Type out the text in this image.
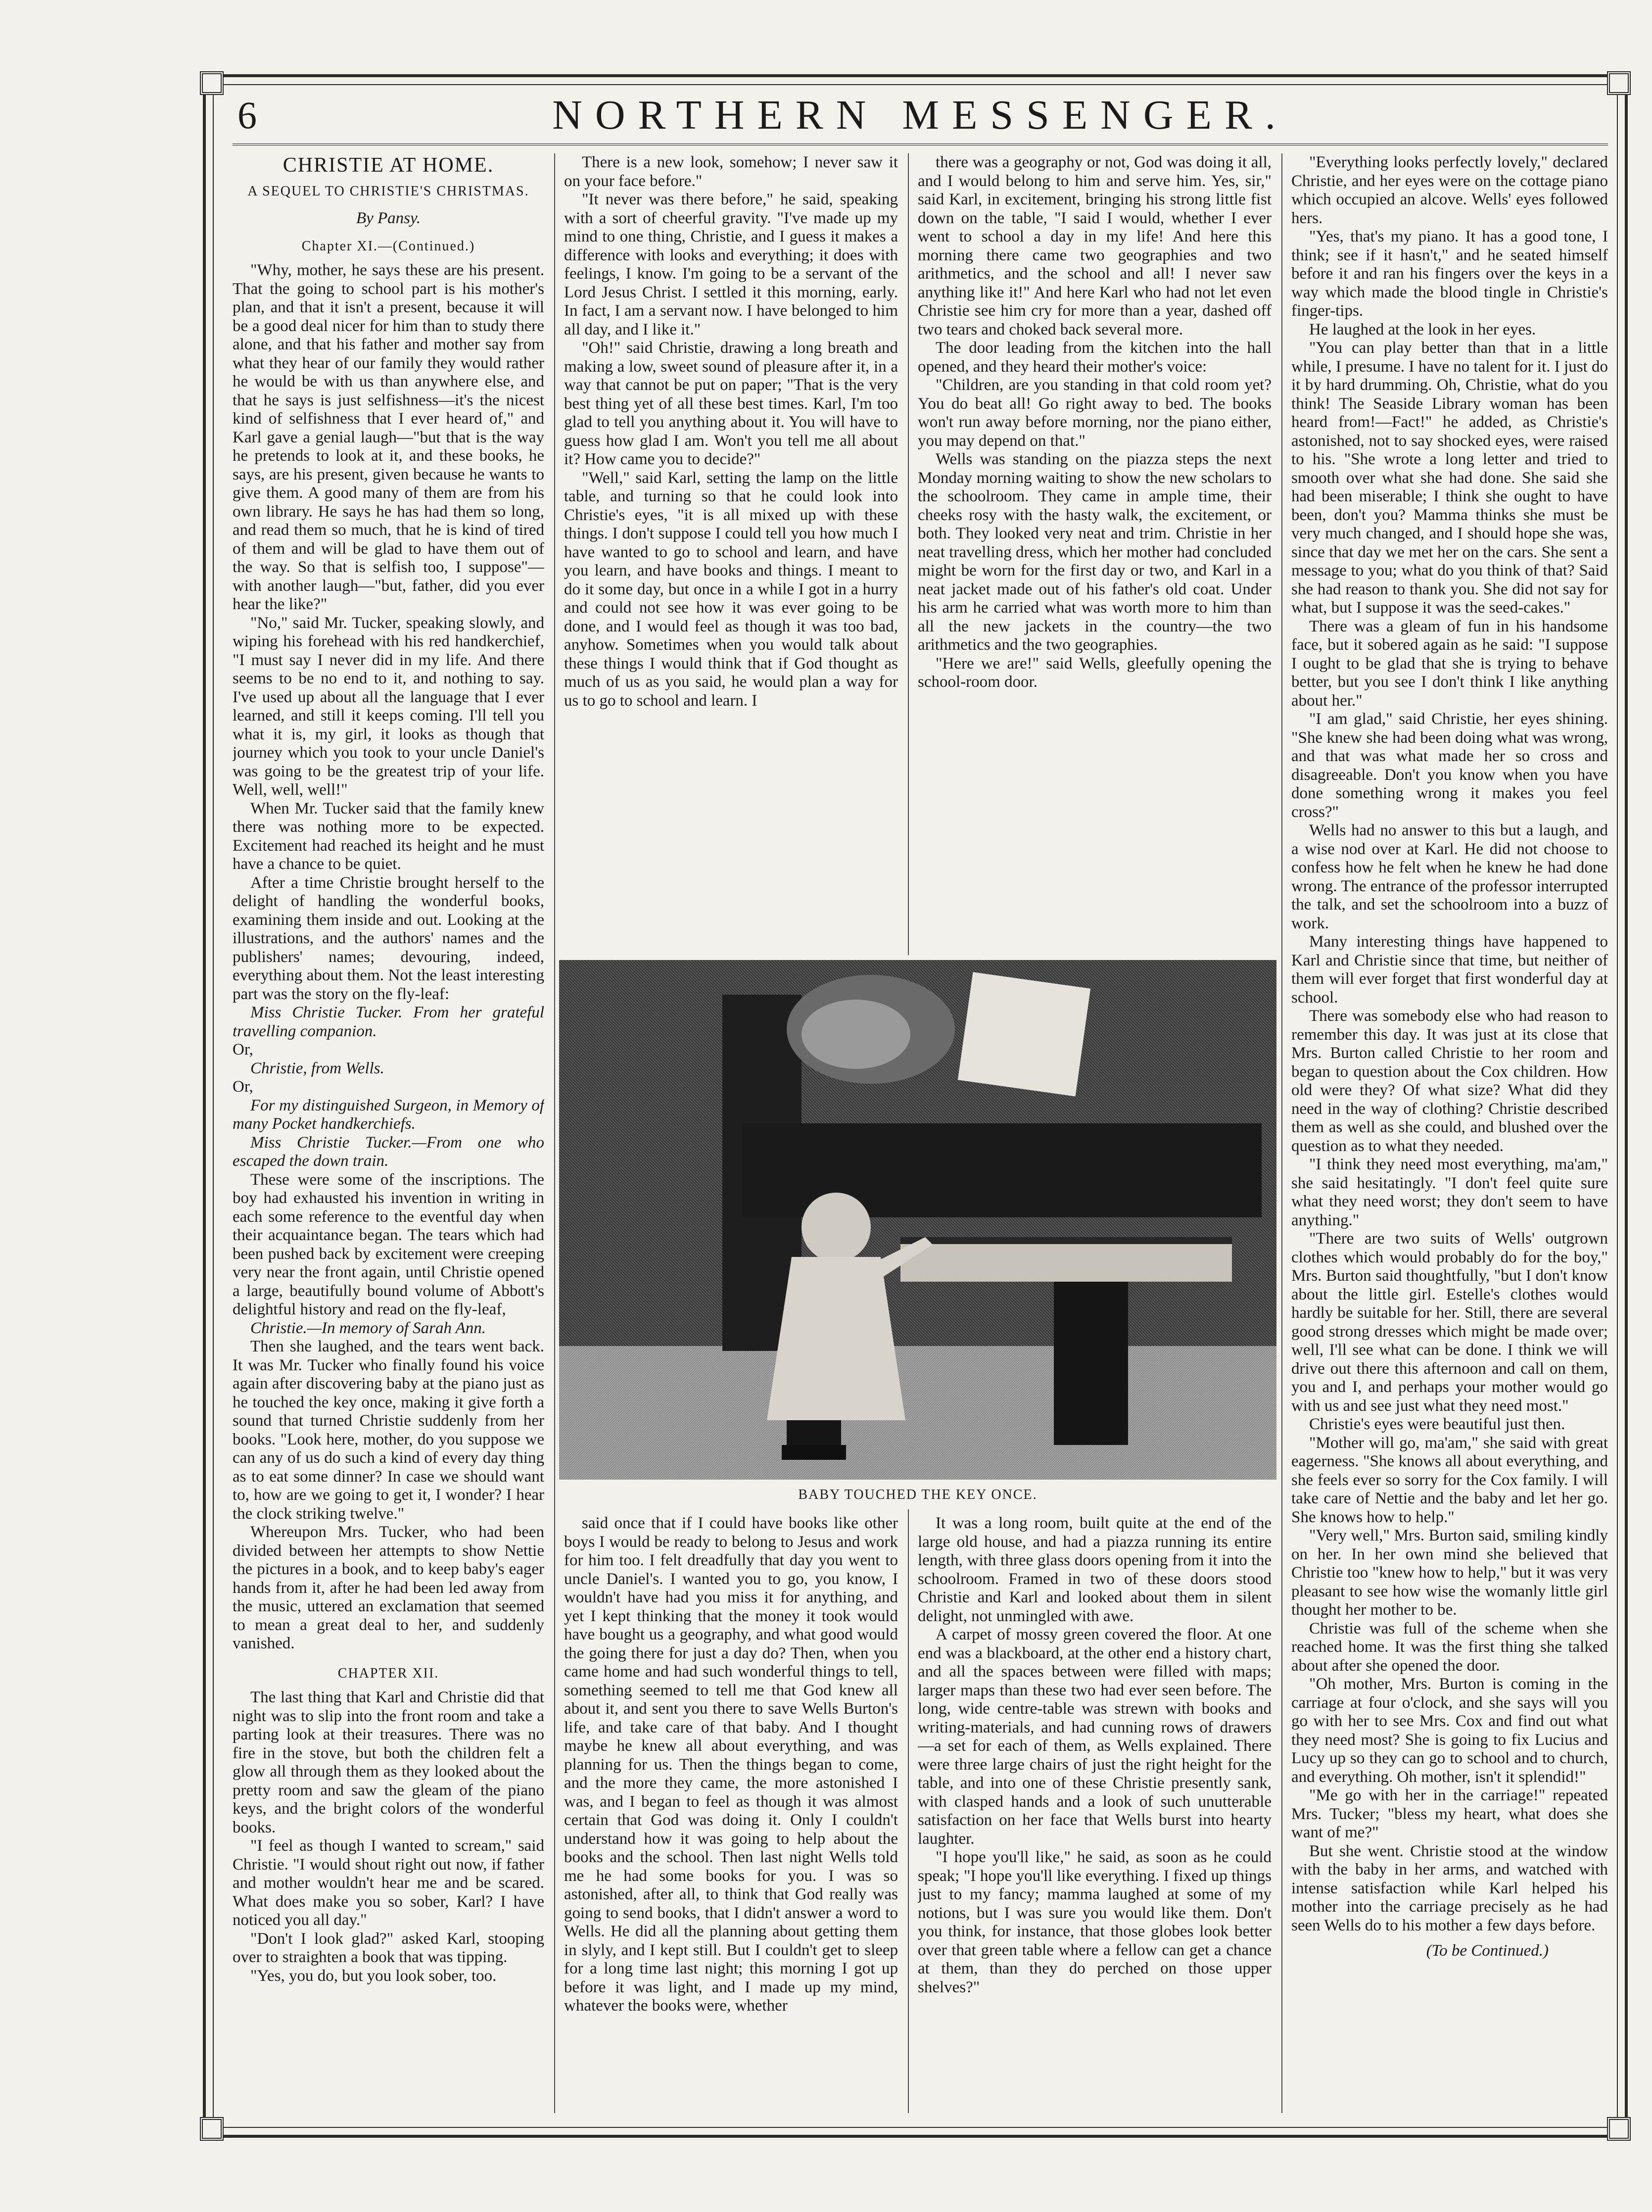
6	NORTHERN MESSENGER.
CHRISTIE AT HOME.
A SEQUEL TO CHRISTIE'S CHRISTMAS.
By Pansy.
Chapter XI.—(Continued.)

"Why, mother, he says these are his present. That the going to school part is his mother's plan, and that it isn't a present, because it will be a good deal nicer for him than to study there alone, and that his father and mother say from what they hear of our family they would rather he would be with us than anywhere else, and that he says is just selfishness—it's the nicest kind of selfishness that I ever heard of," and Karl gave a genial laugh—"but that is the way he pretends to look at it, and these books, he says, are his present, given because he wants to give them. A good many of them are from his own library. He says he has had them so long, and read them so much, that he is kind of tired of them and will be glad to have them out of the way. So that is selfish too, I suppose"—with another laugh—"but, father, did you ever hear the like?"

"No," said Mr. Tucker, speaking slowly, and wiping his forehead with his red handkerchief, "I must say I never did in my life. And there seems to be no end to it, and nothing to say. I've used up about all the language that I ever learned, and still it keeps coming. I'll tell you what it is, my girl, it looks as though that journey which you took to your uncle Daniel's was going to be the greatest trip of your life. Well, well, well!"

When Mr. Tucker said that the family knew there was nothing more to be expected. Excitement had reached its height and he must have a chance to be quiet.

After a time Christie brought herself to the delight of handling the wonderful books, examining them inside and out. Looking at the illustrations, and the authors' names and the publishers' names; devouring, indeed, everything about them. Not the least interesting part was the story on the fly-leaf:

Miss Christie Tucker. From her grateful travelling companion.

Or,

Christie, from Wells.

Or,

For my distinguished Surgeon, in Memory of many Pocket handkerchiefs.

Miss Christie Tucker.—From one who escaped the down train.

These were some of the inscriptions. The boy had exhausted his invention in writing in each some reference to the eventful day when their acquaintance began. The tears which had been pushed back by excitement were creeping very near the front again, until Christie opened a large, beautifully bound volume of Abbott's delightful history and read on the fly-leaf,

Christie.—In memory of Sarah Ann.

Then she laughed, and the tears went back. It was Mr. Tucker who finally found his voice again after discovering baby at the piano just as he touched the key once, making it give forth a sound that turned Christie suddenly from her books. "Look here, mother, do you suppose we can any of us do such a kind of every day thing as to eat some dinner? In case we should want to, how are we going to get it, I wonder? I hear the clock striking twelve."

Whereupon Mrs. Tucker, who had been divided between her attempts to show Nettie the pictures in a book, and to keep baby's eager hands from it, after he had been led away from the music, uttered an exclamation that seemed to mean a great deal to her, and suddenly vanished.

CHAPTER XII.

The last thing that Karl and Christie did that night was to slip into the front room and take a parting look at their treasures. There was no fire in the stove, but both the children felt a glow all through them as they looked about the pretty room and saw the gleam of the piano keys, and the bright colors of the wonderful books.

"I feel as though I wanted to scream," said Christie. "I would shout right out now, if father and mother wouldn't hear me and be scared. What does make you so sober, Karl? I have noticed you all day."

"Don't I look glad?" asked Karl, stooping over to straighten a book that was tipping.

"Yes, you do, but you look sober, too.

There is a new look, somehow; I never saw it on your face before."

"It never was there before," he said, speaking with a sort of cheerful gravity. "I've made up my mind to one thing, Christie, and I guess it makes a difference with looks and everything; it does with feelings, I know. I'm going to be a servant of the Lord Jesus Christ. I settled it this morning, early. In fact, I am a servant now. I have belonged to him all day, and I like it."

"Oh!" said Christie, drawing a long breath and making a low, sweet sound of pleasure after it, in a way that cannot be put on paper; "That is the very best thing yet of all these best times. Karl, I'm too glad to tell you anything about it. You will have to guess how glad I am. Won't you tell me all about it? How came you to decide?"

"Well," said Karl, setting the lamp on the little table, and turning so that he could look into Christie's eyes, "it is all mixed up with these things. I don't suppose I could tell you how much I have wanted to go to school and learn, and have you learn, and have books and things. I meant to do it some day, but once in a while I got in a hurry and could not see how it was ever going to be done, and I would feel as though it was too bad, anyhow. Sometimes when you would talk about these things I would think that if God thought as much of us as you said, he would plan a way for us to go to school and learn. I

there was a geography or not, God was doing it all, and I would belong to him and serve him. Yes, sir," said Karl, in excitement, bringing his strong little fist down on the table, "I said I would, whether I ever went to school a day in my life! And here this morning there came two geographies and two arithmetics, and the school and all! I never saw anything like it!" And here Karl who had not let even Christie see him cry for more than a year, dashed off two tears and choked back several more.

The door leading from the kitchen into the hall opened, and they heard their mother's voice:

"Children, are you standing in that cold room yet? You do beat all! Go right away to bed. The books won't run away before morning, nor the piano either, you may depend on that."

Wells was standing on the piazza steps the next Monday morning waiting to show the new scholars to the schoolroom. They came in ample time, their cheeks rosy with the hasty walk, the excitement, or both. They looked very neat and trim. Christie in her neat travelling dress, which her mother had concluded might be worn for the first day or two, and Karl in a neat jacket made out of his father's old coat. Under his arm he carried what was worth more to him than all the new jackets in the country—the two arithmetics and the two geographies.

"Here we are!" said Wells, gleefully opening the school-room door.

BABY TOUCHED THE KEY ONCE.

said once that if I could have books like other boys I would be ready to belong to Jesus and work for him too. I felt dreadfully that day you went to uncle Daniel's. I wanted you to go, you know, I wouldn't have had you miss it for anything, and yet I kept thinking that the money it took would have bought us a geography, and what good would the going there for just a day do? Then, when you came home and had such wonderful things to tell, something seemed to tell me that God knew all about it, and sent you there to save Wells Burton's life, and take care of that baby. And I thought maybe he knew all about everything, and was planning for us. Then the things began to come, and the more they came, the more astonished I was, and I began to feel as though it was almost certain that God was doing it. Only I couldn't understand how it was going to help about the books and the school. Then last night Wells told me he had some books for you. I was so astonished, after all, to think that God really was going to send books, that I didn't answer a word to Wells. He did all the planning about getting them in slyly, and I kept still. But I couldn't get to sleep for a long time last night; this morning I got up before it was light, and I made up my mind, whatever the books were, whether

It was a long room, built quite at the end of the large old house, and had a piazza running its entire length, with three glass doors opening from it into the schoolroom. Framed in two of these doors stood Christie and Karl and looked about them in silent delight, not unmingled with awe.

A carpet of mossy green covered the floor. At one end was a blackboard, at the other end a history chart, and all the spaces between were filled with maps; larger maps than these two had ever seen before. The long, wide centre-table was strewn with books and writing-materials, and had cunning rows of drawers—a set for each of them, as Wells explained. There were three large chairs of just the right height for the table, and into one of these Christie presently sank, with clasped hands and a look of such unutterable satisfaction on her face that Wells burst into hearty laughter.

"I hope you'll like," he said, as soon as he could speak; "I hope you'll like everything. I fixed up things just to my fancy; mamma laughed at some of my notions, but I was sure you would like them. Don't you think, for instance, that those globes look better over that green table where a fellow can get a chance at them, than they do perched on those upper shelves?"

"Everything looks perfectly lovely," declared Christie, and her eyes were on the cottage piano which occupied an alcove. Wells' eyes followed hers.

"Yes, that's my piano. It has a good tone, I think; see if it hasn't," and he seated himself before it and ran his fingers over the keys in a way which made the blood tingle in Christie's finger-tips.

He laughed at the look in her eyes.

"You can play better than that in a little while, I presume. I have no talent for it. I just do it by hard drumming. Oh, Christie, what do you think! The Seaside Library woman has been heard from!—Fact!" he added, as Christie's astonished, not to say shocked eyes, were raised to his. "She wrote a long letter and tried to smooth over what she had done. She said she had been miserable; I think she ought to have been, don't you? Mamma thinks she must be very much changed, and I should hope she was, since that day we met her on the cars. She sent a message to you; what do you think of that? Said she had reason to thank you. She did not say for what, but I suppose it was the seed-cakes."

There was a gleam of fun in his handsome face, but it sobered again as he said: "I suppose I ought to be glad that she is trying to behave better, but you see I don't think I like anything about her."

"I am glad," said Christie, her eyes shining. "She knew she had been doing what was wrong, and that was what made her so cross and disagreeable. Don't you know when you have done something wrong it makes you feel cross?"

Wells had no answer to this but a laugh, and a wise nod over at Karl. He did not choose to confess how he felt when he knew he had done wrong. The entrance of the professor interrupted the talk, and set the schoolroom into a buzz of work.

Many interesting things have happened to Karl and Christie since that time, but neither of them will ever forget that first wonderful day at school.

There was somebody else who had reason to remember this day. It was just at its close that Mrs. Burton called Christie to her room and began to question about the Cox children. How old were they? Of what size? What did they need in the way of clothing? Christie described them as well as she could, and blushed over the question as to what they needed.

"I think they need most everything, ma'am," she said hesitatingly. "I don't feel quite sure what they need worst; they don't seem to have anything."

"There are two suits of Wells' outgrown clothes which would probably do for the boy," Mrs. Burton said thoughtfully, "but I don't know about the little girl. Estelle's clothes would hardly be suitable for her. Still, there are several good strong dresses which might be made over; well, I'll see what can be done. I think we will drive out there this afternoon and call on them, you and I, and perhaps your mother would go with us and see just what they need most."

Christie's eyes were beautiful just then.

"Mother will go, ma'am," she said with great eagerness. "She knows all about everything, and she feels ever so sorry for the Cox family. I will take care of Nettie and the baby and let her go. She knows how to help."

"Very well," Mrs. Burton said, smiling kindly on her. In her own mind she believed that Christie too "knew how to help," but it was very pleasant to see how wise the womanly little girl thought her mother to be.

Christie was full of the scheme when she reached home. It was the first thing she talked about after she opened the door.

"Oh mother, Mrs. Burton is coming in the carriage at four o'clock, and she says will you go with her to see Mrs. Cox and find out what they need most? She is going to fix Lucius and Lucy up so they can go to school and to church, and everything. Oh mother, isn't it splendid!"

"Me go with her in the carriage!" repeated Mrs. Tucker; "bless my heart, what does she want of me?"

But she went. Christie stood at the window with the baby in her arms, and watched with intense satisfaction while Karl helped his mother into the carriage precisely as he had seen Wells do to his mother a few days before.

(To be Continued.)
